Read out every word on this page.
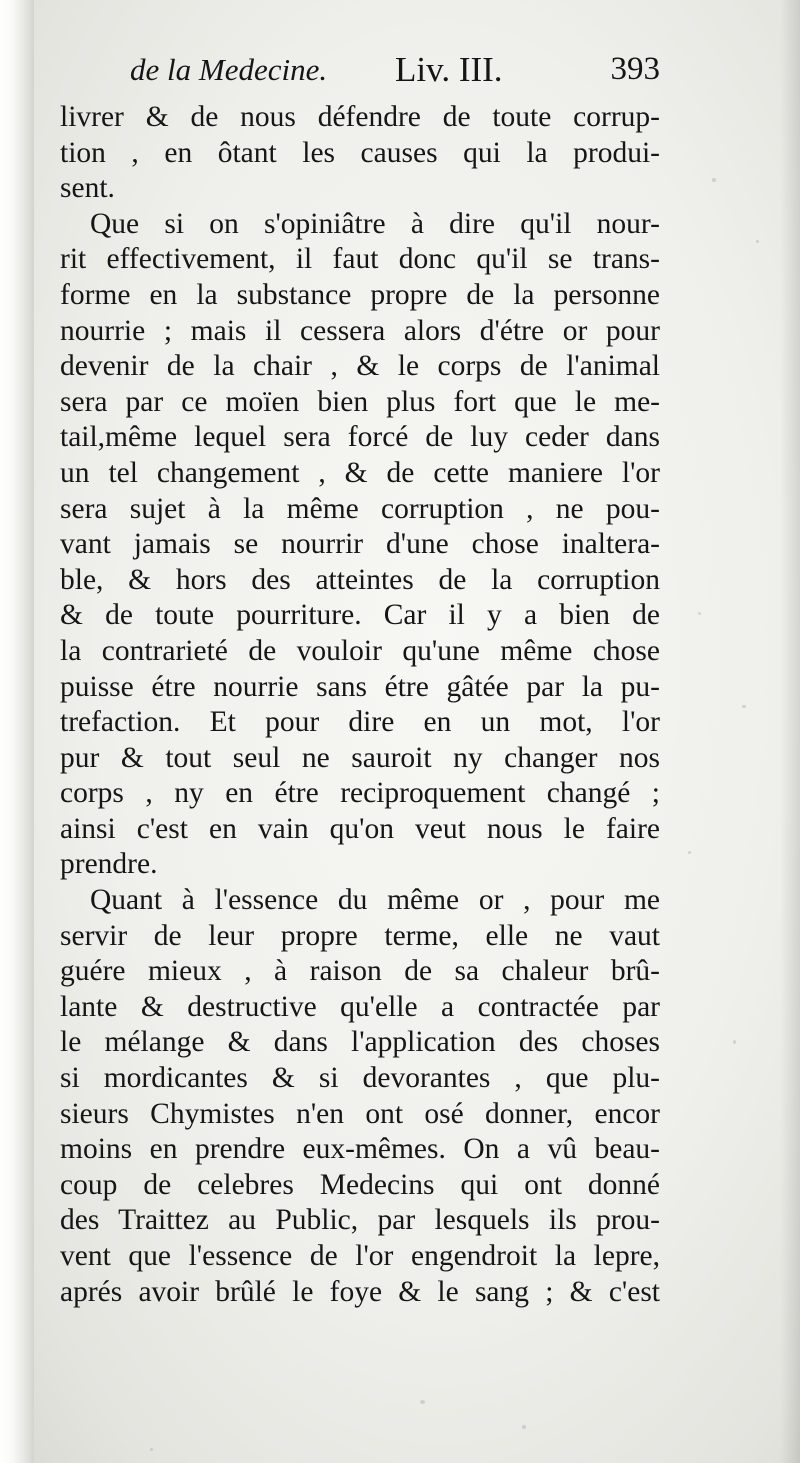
de la Medecine. Liv. III.	393
livrer & de nous défendre de toute corrup-
tion , en ôtant les causes qui la produi-
sent.
Que si on s'opiniâtre à dire qu'il nour-
rit effectivement, il faut donc qu'il se trans-
forme en la substance propre de la personne
nourrie ; mais il cessera alors d'étre or pour
devenir de la chair , & le corps de l'animal
sera par ce moïen bien plus fort que le me-
tail,même lequel sera forcé de luy ceder dans
un tel changement , & de cette maniere l'or
sera sujet à la même corruption , ne pou-
vant jamais se nourrir d'une chose inaltera-
ble, & hors des atteintes de la corruption
& de toute pourriture. Car il y a bien de
la contrarieté de vouloir qu'une même chose
puisse étre nourrie sans étre gâtée par la pu-
trefaction. Et pour dire en un mot, l'or
pur & tout seul ne sauroit ny changer nos
corps , ny en étre reciproquement changé ;
ainsi c'est en vain qu'on veut nous le faire
prendre.
Quant à l'essence du même or , pour me
servir de leur propre terme, elle ne vaut
guére mieux , à raison de sa chaleur brû-
lante & destructive qu'elle a contractée par
le mélange & dans l'application des choses
si mordicantes & si devorantes , que plu-
sieurs Chymistes n'en ont osé donner, encor
moins en prendre eux-mêmes. On a vû beau-
coup de celebres Medecins qui ont donné
des Traittez au Public, par lesquels ils prou-
vent que l'essence de l'or engendroit la lepre,
aprés avoir brûlé le foye & le sang ; & c'est
